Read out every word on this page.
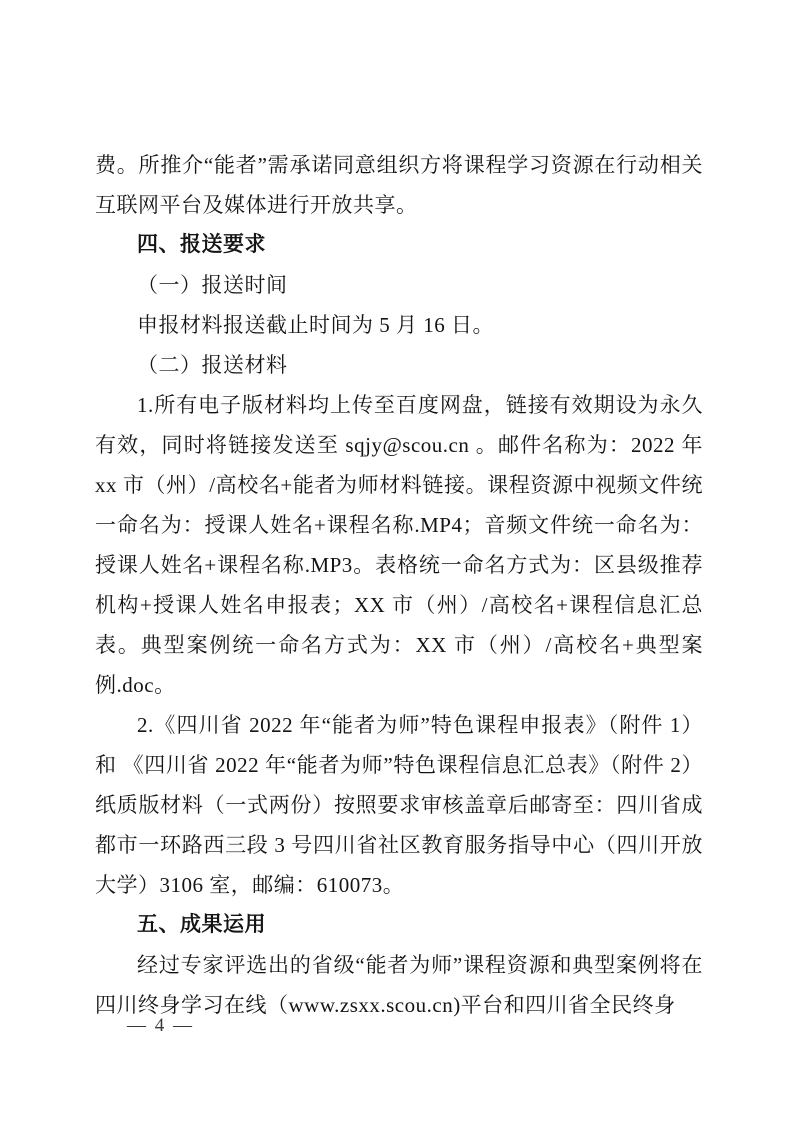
费。所推介“能者”需承诺同意组织方将课程学习资源在行动相关互联网平台及媒体进行开放共享。

四、报送要求

（一）报送时间

申报材料报送截止时间为 5 月 16 日。

（二）报送材料

1.所有电子版材料均上传至百度网盘，链接有效期设为永久有效，同时将链接发送至 sqjy@scou.cn 。邮件名称为：2022 年xx 市（州）/高校名+能者为师材料链接。课程资源中视频文件统一命名为：授课人姓名+课程名称.MP4；音频文件统一命名为：授课人姓名+课程名称.MP3。表格统一命名方式为：区县级推荐机构+授课人姓名申报表；XX 市（州）/高校名+课程信息汇总表。典型案例统一命名方式为：XX 市（州）/高校名+典型案例.doc。

2.《四川省 2022 年“能者为师”特色课程申报表》（附件 1）和 《四川省 2022 年“能者为师”特色课程信息汇总表》（附件 2）纸质版材料（一式两份）按照要求审核盖章后邮寄至：四川省成都市一环路西三段 3 号四川省社区教育服务指导中心（四川开放大学）3106 室，邮编：610073。

五、成果运用

经过专家评选出的省级“能者为师”课程资源和典型案例将在四川终身学习在线（www.zsxx.scou.cn)平台和四川省全民终身

— 4 —
